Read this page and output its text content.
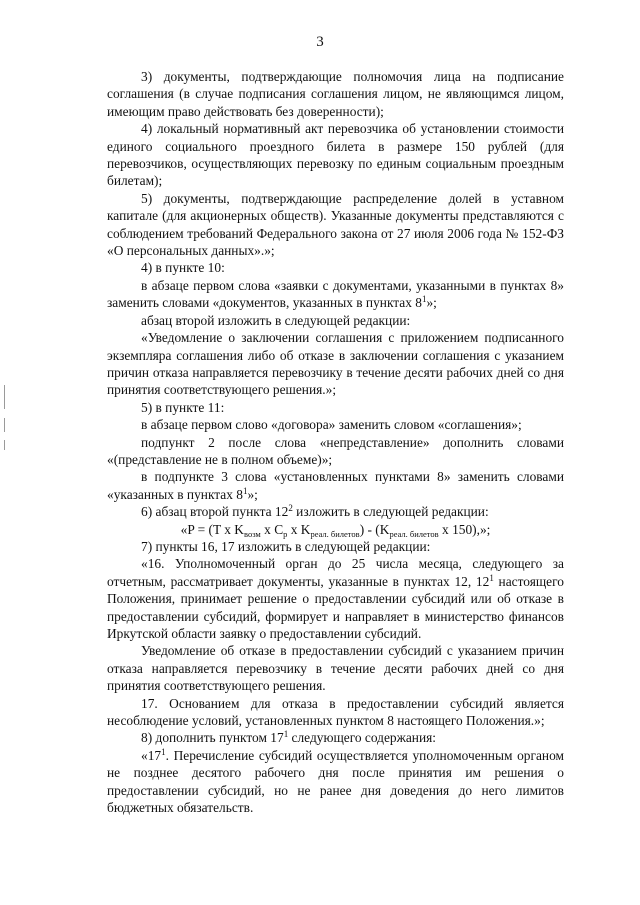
3

3) документы, подтверждающие полномочия лица на подписание соглашения (в случае подписания соглашения лицом, не являющимся лицом, имеющим право действовать без доверенности);

4) локальный нормативный акт перевозчика об установлении стоимости единого социального проездного билета в размере 150 рублей (для перевозчиков, осуществляющих перевозку по единым социальным проездным билетам);

5) документы, подтверждающие распределение долей в уставном капитале (для акционерных обществ). Указанные документы представляются с соблюдением требований Федерального закона от 27 июля 2006 года № 152-ФЗ «О персональных данных».»;

4) в пункте 10:

в абзаце первом слова «заявки с документами, указанными в пунктах 8» заменить словами «документов, указанных в пунктах $8^1$»;

абзац второй изложить в следующей редакции:

«Уведомление о заключении соглашения с приложением подписанного экземпляра соглашения либо об отказе в заключении соглашения с указанием причин отказа направляется перевозчику в течение десяти рабочих дней со дня принятия соответствующего решения.»;

5) в пункте 11:

в абзаце первом слово «договора» заменить словом «соглашения»;

подпункт 2 после слова «непредставление» дополнить словами «(представление не в полном объеме)»;

в подпункте 3 слова «установленных пунктами 8» заменить словами «указанных в пунктах $8^1$»;

6) абзац второй пункта $12^2$ изложить в следующей редакции:

«P = (T x $K_{возм}$ x $C_р$ x $K_{реал. билетов}) - (K_{реал. билетов}$ x 150),»;

7) пункты 16, 17 изложить в следующей редакции:

«16. Уполномоченный орган до 25 числа месяца, следующего за отчетным, рассматривает документы, указанные в пунктах 12, $12^1$ настоящего Положения, принимает решение о предоставлении субсидий или об отказе в предоставлении субсидий, формирует и направляет в министерство финансов Иркутской области заявку о предоставлении субсидий.

Уведомление об отказе в предоставлении субсидий с указанием причин отказа направляется перевозчику в течение десяти рабочих дней со дня принятия соответствующего решения.

17. Основанием для отказа в предоставлении субсидий является несоблюдение условий, установленных пунктом 8 настоящего Положения.»;

8) дополнить пунктом $17^1$ следующего содержания:

«$17^1$. Перечисление субсидий осуществляется уполномоченным органом не позднее десятого рабочего дня после принятия им решения о предоставлении субсидий, но не ранее дня доведения до него лимитов бюджетных обязательств.
